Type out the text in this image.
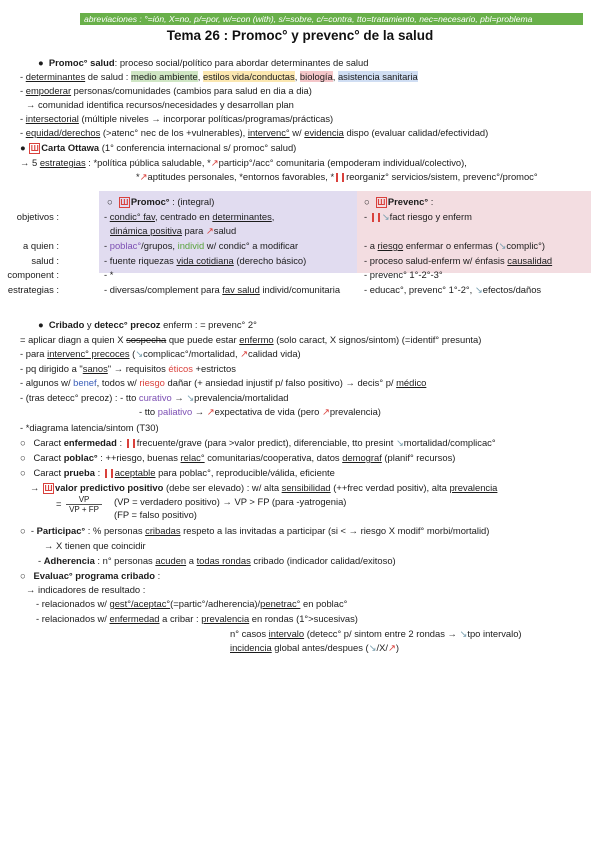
abreviaciones : °=ión, X=no, p/=por, w/=con (with), s/=sobre, c/=contra, tto=tratamiento, nec=necesario, pbl=problema
Tema 26 : Promoc° y prevenc° de la salud
●  Promoc° salud: proceso social/político para abordar determinantes de salud
- determinantes de salud : medio ambiente, estilos vida/conductas, biología, asistencia sanitaria
- empoderar personas/comunidades (cambios para salud en dia a dia)
→ comunidad identifica recursos/necesidades y desarrollan plan
- intersectorial (múltiple niveles → incorporar políticas/programas/prácticas)
- equidad/derechos (>atenc° nec de los +vulnerables), intervenc° w/ evidencia dispo (evaluar calidad/efectividad)
● Ш Carta Ottawa (1° conferencia internacional s/ promoc° salud)
→ 5 estrategias : *política pública saludable, *↗particip°/acc° comunitaria (empoderam individual/colectivo),
*↗aptitudes personales, *entornos favorables, * reorganiz° servicios/sistem, prevenc°/promoc°
objetivos :
a quien :
salud :
component :
estrategias :
○  Ш Promoc° : (integral)
- condic° fav, centrado en determinantes,
dinámica positiva para ↗salud
- poblac°/grupos, individ w/ condic° a modificar
- fuente riquezas vida cotidiana (derecho básico)
- *
- diversas/complement para fav salud individ/comunitaria
○  Ш Prevenc° :
- ↘fact riesgo y enferm
- a riesgo enfermar o enfermas (↘complic°)
- proceso salud-enferm w/ énfasis causalidad
- prevenc° 1°-2°-3°
- educac°, prevenc° 1°-2°, ↘efectos/daños
●  Cribado y detecc° precoz enferm : = prevenc° 2°
= aplicar diagn a quien X sospecha que puede estar enfermo (solo caract, X signos/sintom) (=identif° presunta)
- para intervenc° precoces (↘complicac°/mortalidad, ↗calidad vida)
- pq dirigido a "sanos" → requisitos éticos +estrictos
- algunos w/ benef, todos w/ riesgo dañar (+ ansiedad injustif p/ falso positivo) → decis° p/ médico
- (tras detecc° precoz) : - tto curativo → ↘prevalencia/mortalidad
- tto paliativo → ↗expectativa de vida (pero ↗prevalencia)
- *diagrama latencia/sintom (T30)
○   Caract enfermedad : frecuente/grave (para >valor predict), diferenciable, tto presint ↘mortalidad/complicac°
○   Caract poblac° : ++riesgo, buenas relac° comunitarias/cooperativa, datos demograf (planif° recursos)
○   Caract prueba : aceptable para poblac°, reproducible/válida, eficiente
→ Ш valor predictivo positivo (debe ser elevado) : w/ alta sensibilidad (++frec verdad positiv), alta prevalencia
= $\frac{VP}{VP + FP} (VP$ = verdadero positivo) → VP > FP (para -yatrogenia)
(FP = falso positivo)
○  - Participac° : % personas cribadas respeto a las invitadas a participar (si < → riesgo X modif° morbi/mortalid)
→ X tienen que coincidir
- Adherencia : n° personas acuden a todas rondas cribado (indicador calidad/exitoso)
○   Evaluac° programa cribado :
→ indicadores de resultado :
- relacionados w/ gest°/aceptac°(=partic°/adherencia)/penetrac° en poblac°
- relacionados w/ enfermedad a cribar : prevalencia en rondas (1°>sucesivas)
n° casos intervalo (detecc° p/ sintom entre 2 rondas → ↘tpo intervalo)
incidencia global antes/despues (↘/X/↗)
